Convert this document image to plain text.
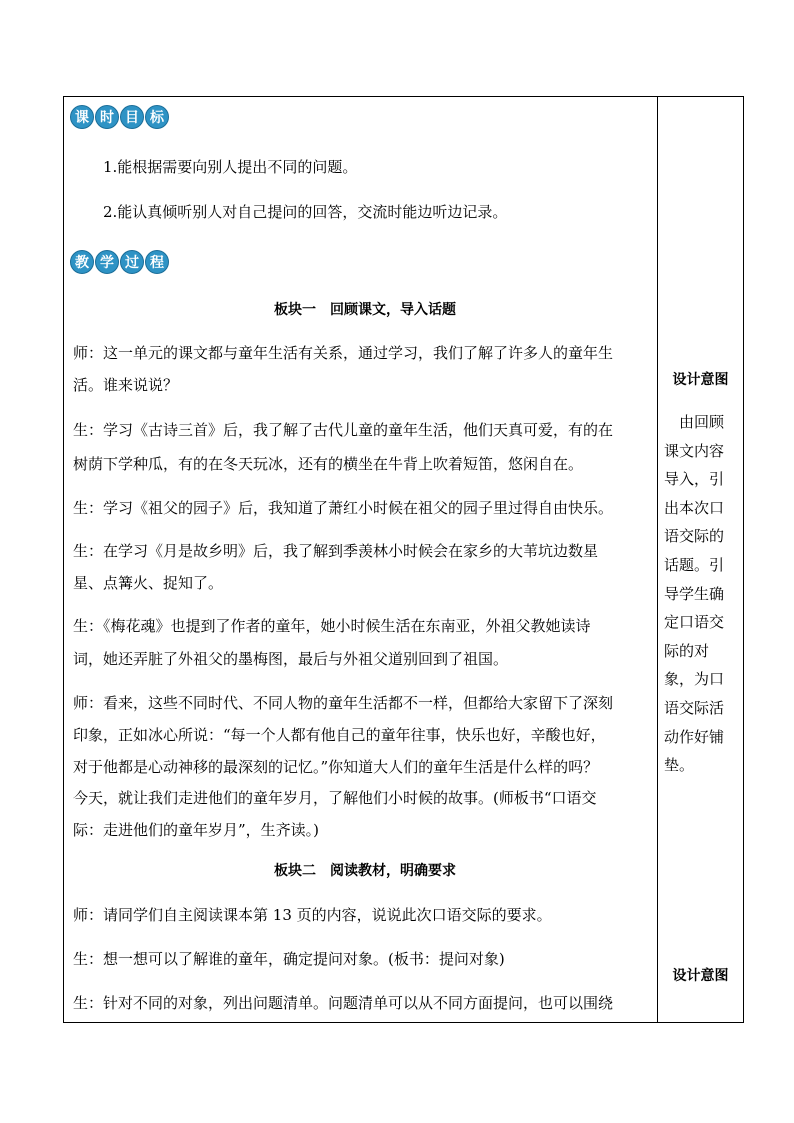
课 时 目 标

1.能根据需要向别人提出不同的问题。

2.能认真倾听别人对自己提问的回答，交流时能边听边记录。

教 学 过 程

板块一　回顾课文，导入话题

师：这一单元的课文都与童年生活有关系，通过学习，我们了解了许多人的童年生

活。谁来说说？

生：学习《古诗三首》后，我了解了古代儿童的童年生活，他们天真可爱，有的在

树荫下学种瓜，有的在冬天玩冰，还有的横坐在牛背上吹着短笛，悠闲自在。

生：学习《祖父的园子》后，我知道了萧红小时候在祖父的园子里过得自由快乐。

生：在学习《月是故乡明》后，我了解到季羡林小时候会在家乡的大苇坑边数星

星、点篝火、捉知了。

生：《梅花魂》也提到了作者的童年，她小时候生活在东南亚，外祖父教她读诗

词，她还弄脏了外祖父的墨梅图，最后与外祖父道别回到了祖国。

师：看来，这些不同时代、不同人物的童年生活都不一样，但都给大家留下了深刻

印象，正如冰心所说：“每一个人都有他自己的童年往事，快乐也好，辛酸也好，

对于他都是心动神移的最深刻的记忆。”你知道大人们的童年生活是什么样的吗？

今天，就让我们走进他们的童年岁月，了解他们小时候的故事。(师板书“口语交

际：走进他们的童年岁月”，生齐读。)

板块二　阅读教材，明确要求

师：请同学们自主阅读课本第 13 页的内容，说说此次口语交际的要求。

生：想一想可以了解谁的童年，确定提问对象。(板书：提问对象)

生：针对不同的对象，列出问题清单。问题清单可以从不同方面提问，也可以围绕

设计意图
　由回顾课文内容导入，引出本次口语交际的话题。引导学生确定口语交际的对象，为口语交际活动作好铺垫。
设计意图
